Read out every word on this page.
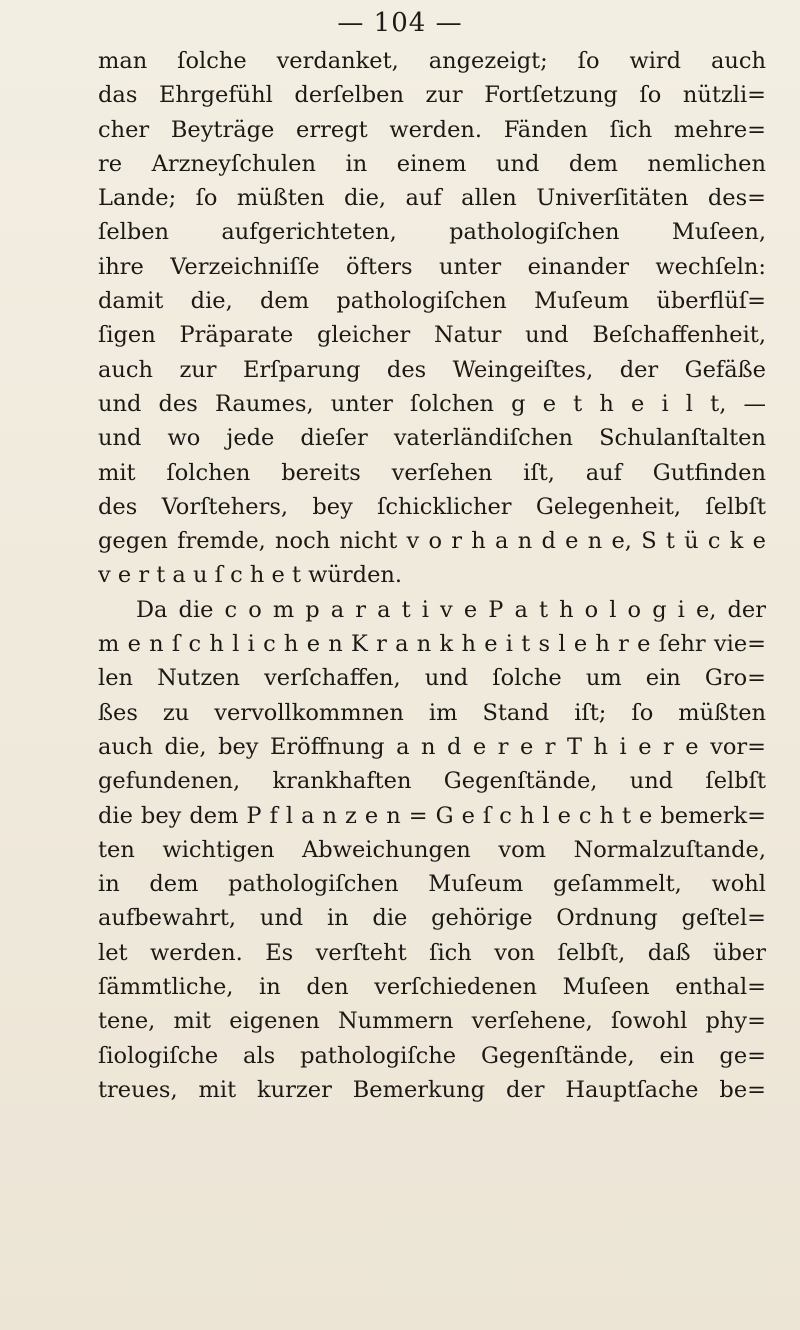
— 104 —
man ſolche verdanket, angezeigt; ſo wird auch
das Ehrgefühl derſelben zur Fortſetzung ſo nützli=
cher Beyträge erregt werden. Fänden ſich mehre=
re Arzneyſchulen in einem und dem nemlichen
Lande; ſo müßten die, auf allen Univerſitäten des=
ſelben aufgerichteten, pathologiſchen Muſeen,
ihre Verzeichniſſe öfters unter einander wechſeln:
damit die, dem pathologiſchen Muſeum überflüſ=
ſigen Präparate gleicher Natur und Beſchaffenheit,
auch zur Erſparung des Weingeiſtes, der Gefäße
und des Raumes, unter ſolchen g e t h e i l t, —
und wo jede dieſer vaterländiſchen Schulanſtalten
mit ſolchen bereits verſehen iſt, auf Gutfinden
des Vorſtehers, bey ſchicklicher Gelegenheit, ſelbſt
gegen fremde, noch nicht v o r h a n d e n e, S t ü c k e
v e r t a u ſ c h e t würden.
Da die c o m p a r a t i v e P a t h o l o g i e, der
m e n ſ c h l i c h e n K r a n k h e i t s l e h r e ſehr vie=
len Nutzen verſchaffen, und ſolche um ein Gro=
ßes zu vervollkommnen im Stand iſt; ſo müßten
auch die, bey Eröffnung a n d e r e r T h i e r e vor=
gefundenen, krankhaften Gegenſtände, und ſelbſt
die bey dem P f l a n z e n = G e ſ c h l e c h t e bemerk=
ten wichtigen Abweichungen vom Normalzuſtande,
in dem pathologiſchen Muſeum geſammelt, wohl
aufbewahrt, und in die gehörige Ordnung geſtel=
let werden. Es verſteht ſich von ſelbſt, daß über
ſämmtliche, in den verſchiedenen Muſeen enthal=
tene, mit eigenen Nummern verſehene, ſowohl phy=
ſiologiſche als pathologiſche Gegenſtände, ein ge=
treues, mit kurzer Bemerkung der Hauptſache be=
